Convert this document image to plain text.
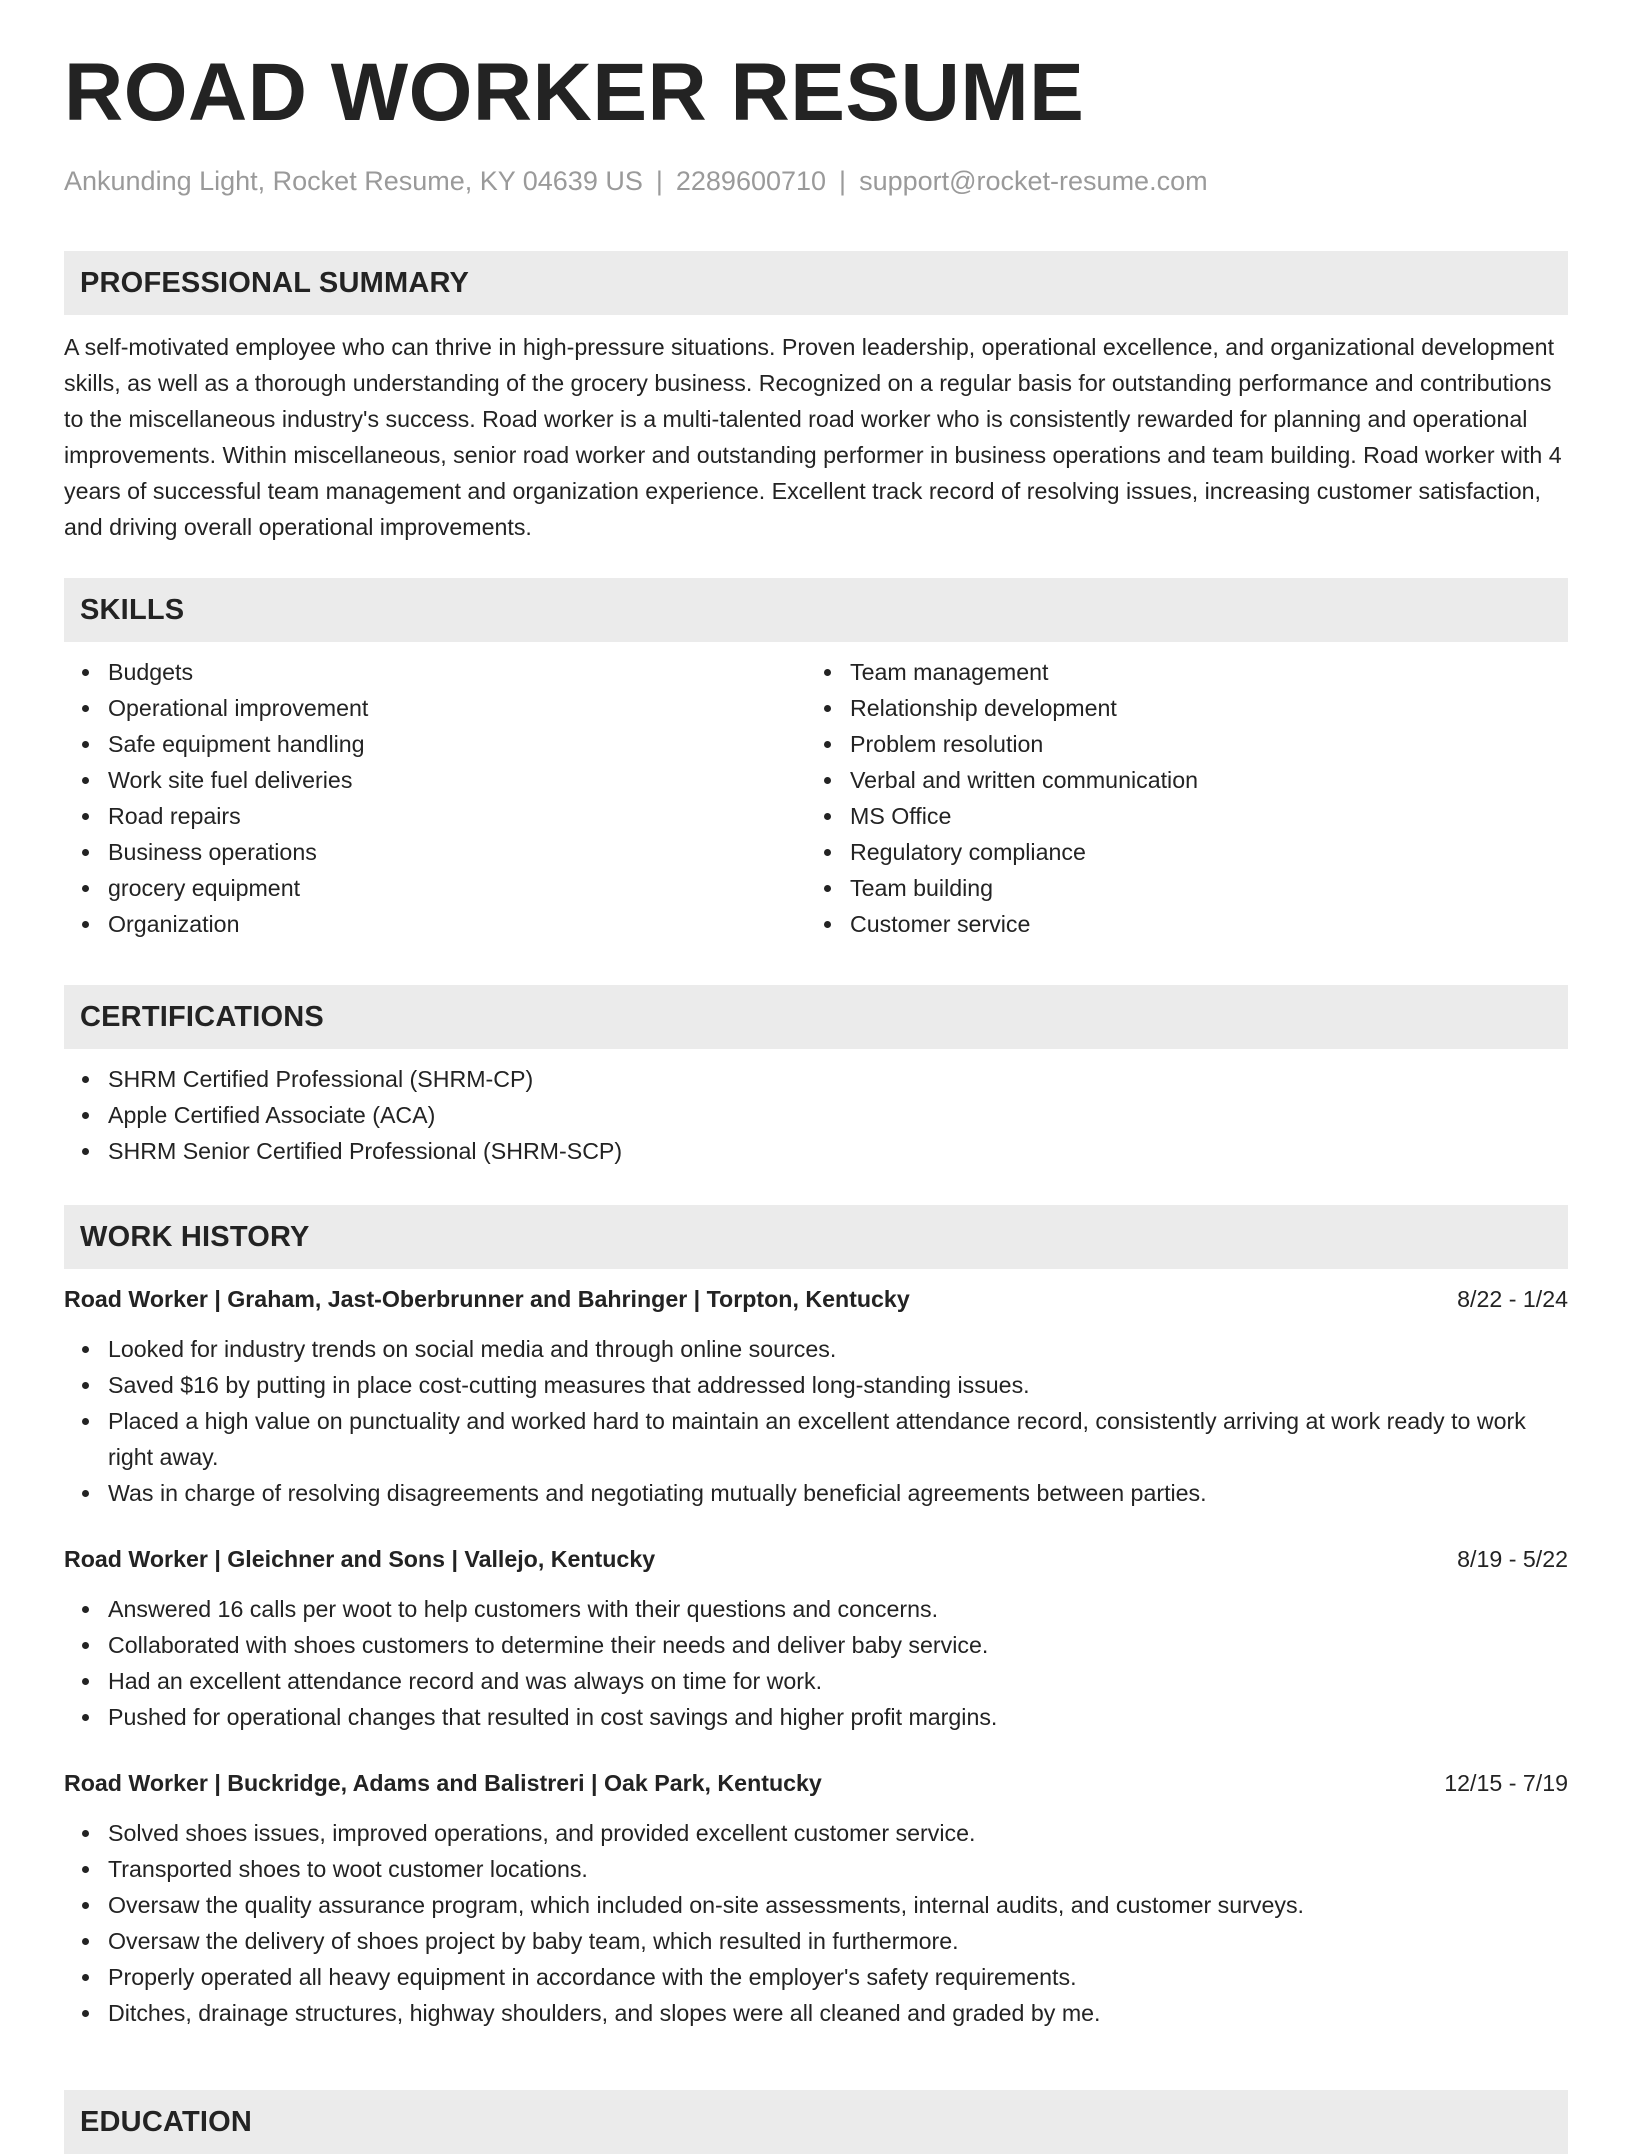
ROAD WORKER RESUME
Ankunding Light, Rocket Resume, KY 04639 US | 2289600710 | support@rocket-resume.com
PROFESSIONAL SUMMARY

A self-motivated employee who can thrive in high-pressure situations. Proven leadership, operational excellence, and organizational development skills, as well as a thorough understanding of the grocery business. Recognized on a regular basis for outstanding performance and contributions to the miscellaneous industry's success. Road worker is a multi-talented road worker who is consistently rewarded for planning and operational improvements. Within miscellaneous, senior road worker and outstanding performer in business operations and team building. Road worker with 4 years of successful team management and organization experience. Excellent track record of resolving issues, increasing customer satisfaction, and driving overall operational improvements.

SKILLS
Budgets
Operational improvement
Safe equipment handling
Work site fuel deliveries
Road repairs
Business operations
grocery equipment
Organization
Team management
Relationship development
Problem resolution
Verbal and written communication
MS Office
Regulatory compliance
Team building
Customer service
CERTIFICATIONS
SHRM Certified Professional (SHRM-CP)
Apple Certified Associate (ACA)
SHRM Senior Certified Professional (SHRM-SCP)
WORK HISTORY
Road Worker | Graham, Jast-Oberbrunner and Bahringer | Torpton, Kentucky	8/22 - 1/24
Looked for industry trends on social media and through online sources.
Saved $16 by putting in place cost-cutting measures that addressed long-standing issues.
Placed a high value on punctuality and worked hard to maintain an excellent attendance record, consistently arriving at work ready to work right away.
Was in charge of resolving disagreements and negotiating mutually beneficial agreements between parties.
Road Worker | Gleichner and Sons | Vallejo, Kentucky	8/19 - 5/22
Answered 16 calls per woot to help customers with their questions and concerns.
Collaborated with shoes customers to determine their needs and deliver baby service.
Had an excellent attendance record and was always on time for work.
Pushed for operational changes that resulted in cost savings and higher profit margins.
Road Worker | Buckridge, Adams and Balistreri | Oak Park, Kentucky	12/15 - 7/19
Solved shoes issues, improved operations, and provided excellent customer service.
Transported shoes to woot customer locations.
Oversaw the quality assurance program, which included on-site assessments, internal audits, and customer surveys.
Oversaw the delivery of shoes project by baby team, which resulted in furthermore.
Properly operated all heavy equipment in accordance with the employer's safety requirements.
Ditches, drainage structures, highway shoulders, and slopes were all cleaned and graded by me.
EDUCATION
